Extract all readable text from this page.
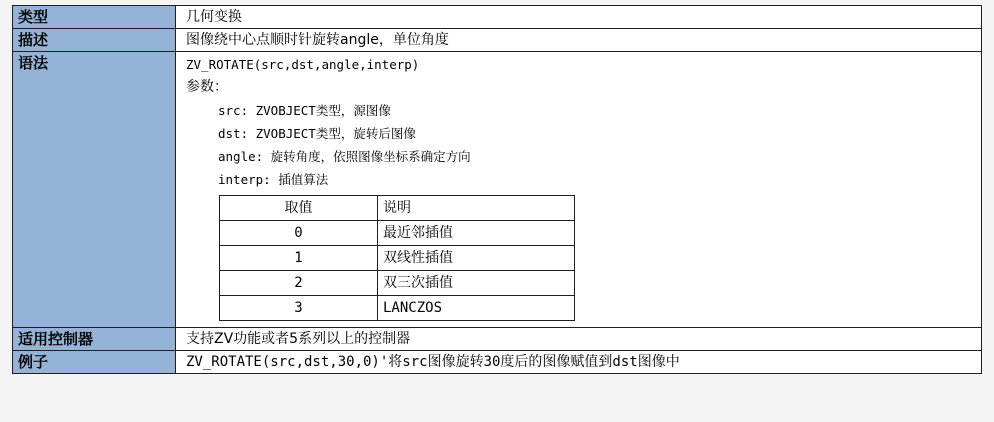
类型	几何变换
描述	图像绕中心点顺时针旋转angle，单位角度
语法	ZV_ROTATE(src,dst,angle,interp)
参数：
src: ZVOBJECT类型，源图像
dst: ZVOBJECT类型，旋转后图像
angle: 旋转角度，依照图像坐标系确定方向
interp: 插值算法
取值	说明
0	最近邻插值
1	双线性插值
2	双三次插值
3	LANCZOS

适用控制器	支持ZV功能或者5系列以上的控制器
例子	ZV_ROTATE(src,dst,30,0)'将src图像旋转30度后的图像赋值到dst图像中
